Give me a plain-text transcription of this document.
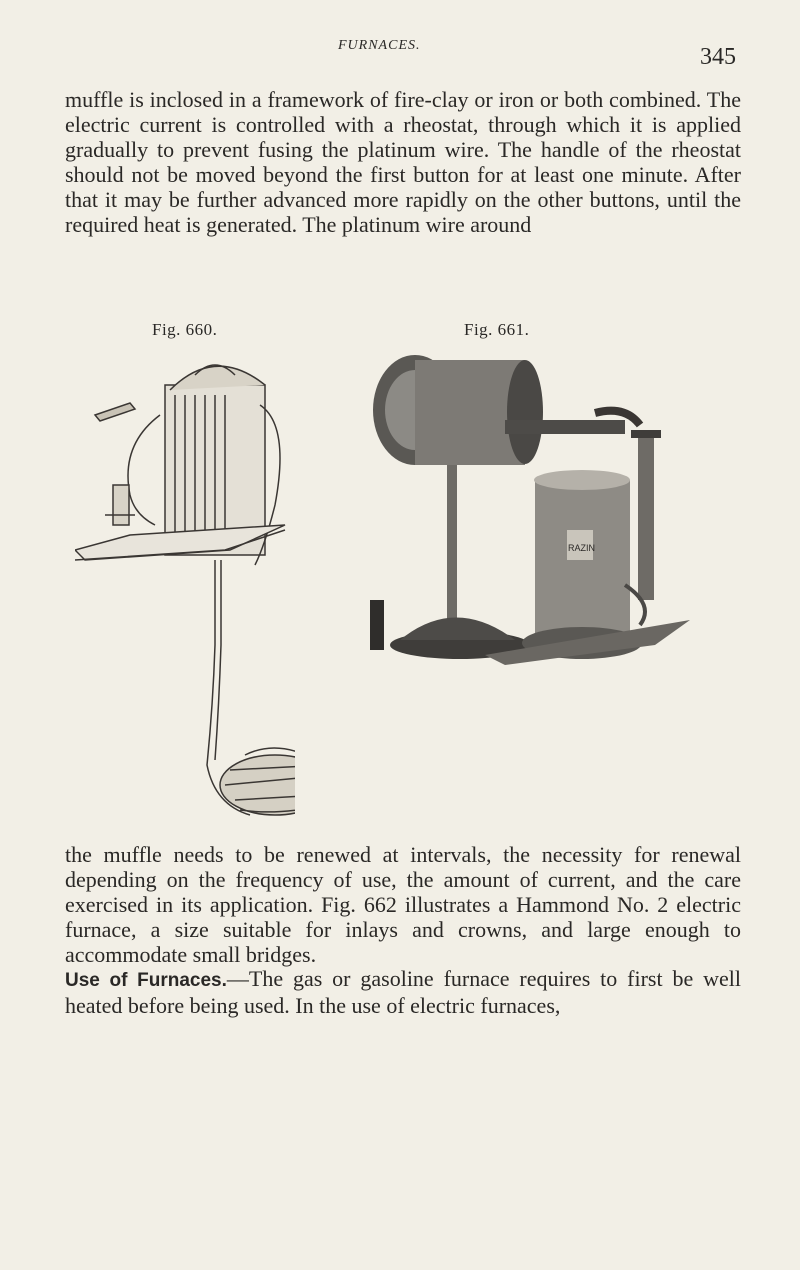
FURNACES.	345

muffle is inclosed in a framework of fire-clay or iron or both combined. The electric current is controlled with a rheostat, through which it is applied gradually to prevent fusing the platinum wire. The handle of the rheostat should not be moved beyond the first button for at least one minute. After that it may be further advanced more rapidly on the other buttons, until the required heat is generated. The platinum wire around

Fig. 660.	Fig. 661.
RAZIN

the muffle needs to be renewed at intervals, the necessity for renewal depending on the frequency of use, the amount of current, and the care exercised in its application. Fig. 662 illustrates a Hammond No. 2 electric furnace, a size suitable for inlays and crowns, and large enough to accommodate small bridges.

Use of Furnaces.—The gas or gasoline furnace requires to first be well heated before being used. In the use of electric furnaces,
